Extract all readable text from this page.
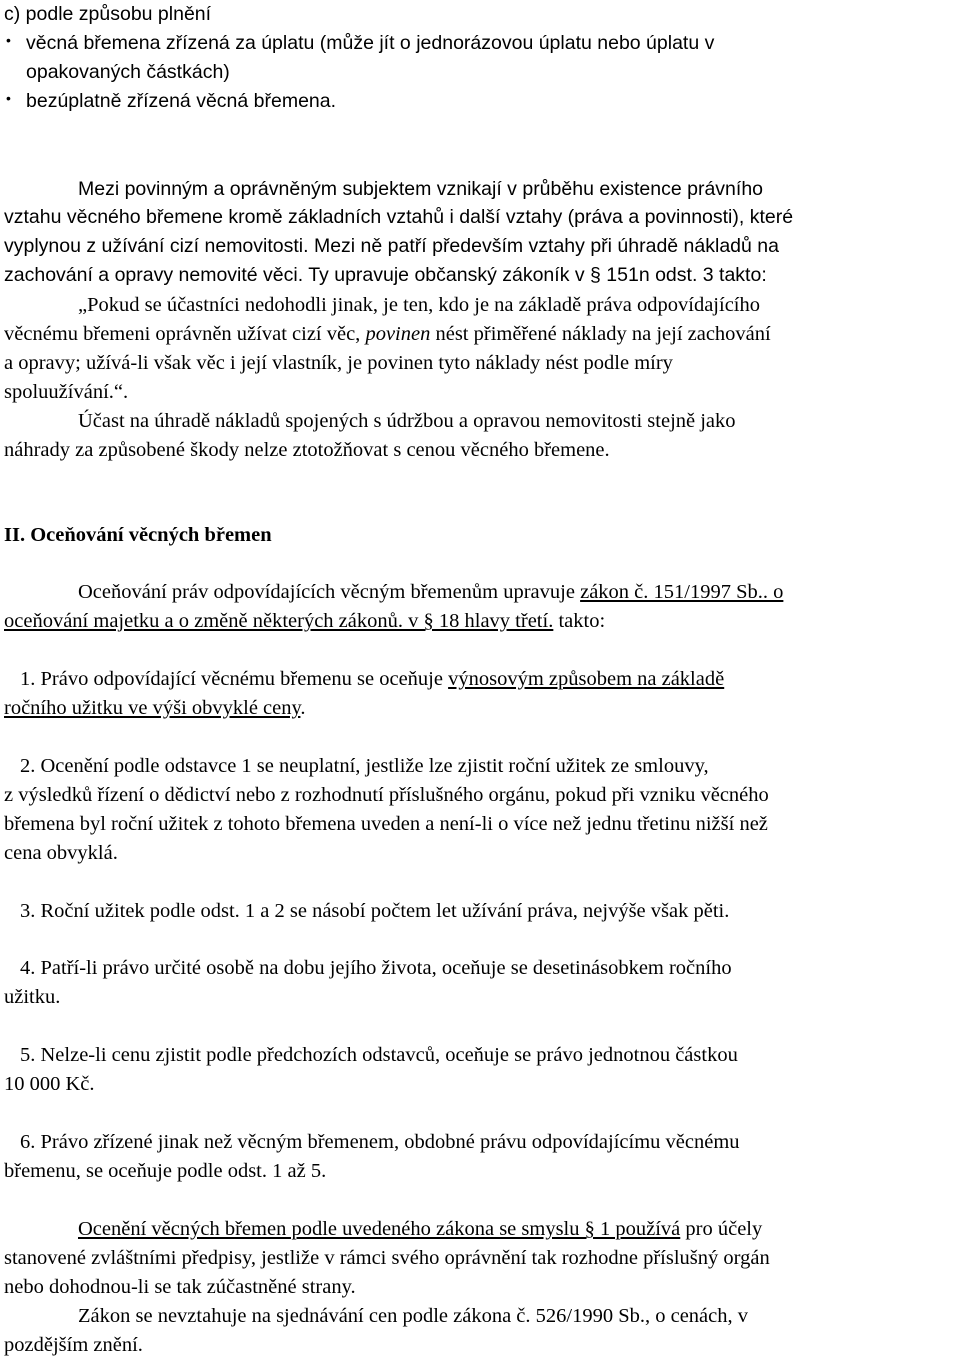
c) podle způsobu plnění
• věcná břemena zřízená za úplatu (může jít o jednorázovou úplatu nebo úplatu v
opakovaných částkách)
• bezúplatně zřízená věcná břemena.
Mezi povinným a oprávněným subjektem vznikají v průběhu existence právního
vztahu věcného břemene kromě základních vztahů i další vztahy (práva a povinnosti), které
vyplynou z užívání cizí nemovitosti. Mezi ně patří především vztahy při úhradě nákladů na
zachování a opravy nemovité věci. Ty upravuje občanský zákoník v § 151n odst. 3 takto:
„Pokud se účastníci nedohodli jinak, je ten, kdo je na základě práva odpovídajícího
věcnému břemeni oprávněn užívat cizí věc, povinen nést přiměřené náklady na její zachování
a opravy; užívá-li však věc i její vlastník, je povinen tyto náklady nést podle míry
spoluužívání.“.
Účast na úhradě nákladů spojených s údržbou a opravou nemovitosti stejně jako
náhrady za způsobené škody nelze ztotožňovat s cenou věcného břemene.
II. Oceňování věcných břemen
Oceňování práv odpovídajících věcným břemenům upravuje zákon č. 151/1997 Sb.. o
oceňování majetku a o změně některých zákonů. v § 18 hlavy třetí. takto:
1. Právo odpovídající věcnému břemenu se oceňuje výnosovým způsobem na základě
ročního užitku ve výši obvyklé ceny.
2. Ocenění podle odstavce 1 se neuplatní, jestliže lze zjistit roční užitek ze smlouvy,
z výsledků řízení o dědictví nebo z rozhodnutí příslušného orgánu, pokud při vzniku věcného
břemena byl roční užitek z tohoto břemena uveden a není-li o více než jednu třetinu nižší než
cena obvyklá.
3. Roční užitek podle odst. 1 a 2 se násobí počtem let užívání práva, nejvýše však pěti.
4. Patří-li právo určité osobě na dobu jejího života, oceňuje se desetinásobkem ročního
užitku.
5. Nelze-li cenu zjistit podle předchozích odstavců, oceňuje se právo jednotnou částkou
10 000 Kč.
6. Právo zřízené jinak než věcným břemenem, obdobné právu odpovídajícímu věcnému
břemenu, se oceňuje podle odst. 1 až 5.
Ocenění věcných břemen podle uvedeného zákona se smyslu § 1 používá pro účely
stanovené zvláštními předpisy, jestliže v rámci svého oprávnění tak rozhodne příslušný orgán
nebo dohodnou-li se tak zúčastněné strany.
Zákon se nevztahuje na sjednávání cen podle zákona č. 526/1990 Sb., o cenách, v
pozdějším znění.
